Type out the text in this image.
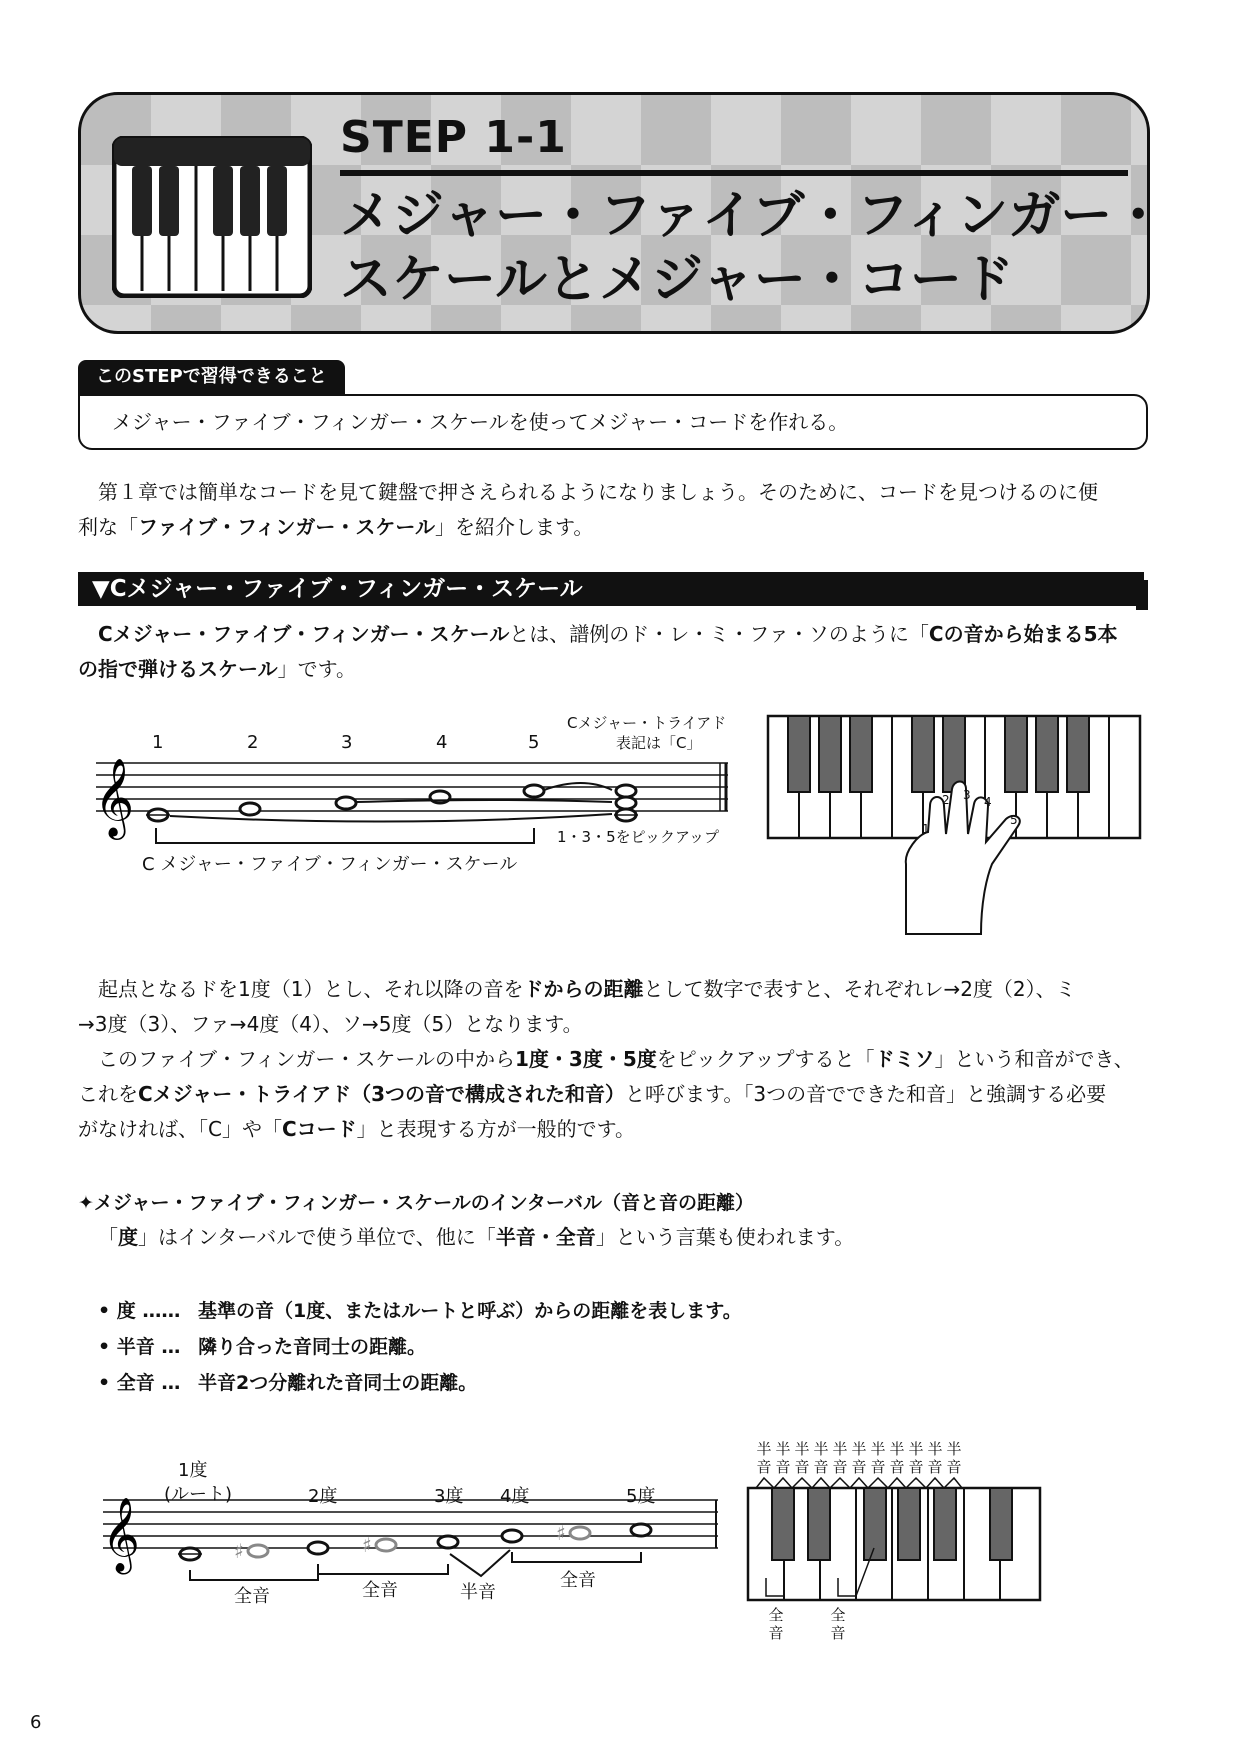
STEP 1-1
メジャー・ファイブ・フィンガー・
スケールとメジャー・コード
このSTEPで習得できること
メジャー・ファイブ・フィンガー・スケールを使ってメジャー・コードを作れる。
第１章では簡単なコードを見て鍵盤で押さえられるようになりましょう。そのために、コードを見つけるのに便
利な「ファイブ・フィンガー・スケール」を紹介します。
▼Cメジャー・ファイブ・フィンガー・スケール
Cメジャー・ファイブ・フィンガー・スケールとは、譜例のド・レ・ミ・ファ・ソのように「Cの音から始まる5本
の指で弾けるスケール」です。
𝄞
1	2	3	4	5
Cメジャー・トライアド
表記は「C」
1・3・5をピックアップ
C メジャー・ファイブ・フィンガー・スケール
1
2 3 4
5
起点となるドを1度（1）とし、それ以降の音をドからの距離として数字で表すと、それぞれレ→2度（2）、ミ
→3度（3）、ファ→4度（4）、ソ→5度（5）となります。
このファイブ・フィンガー・スケールの中から1度・3度・5度をピックアップすると「ドミソ」という和音ができ、
これをCメジャー・トライアド（3つの音で構成された和音）と呼びます。「3つの音でできた和音」と強調する必要
がなければ、「C」や「Cコード」と表現する方が一般的です。
✦メジャー・ファイブ・フィンガー・スケールのインターバル（音と音の距離）
「度」はインターバルで使う単位で、他に「半音・全音」という言葉も使われます。
• 度 …… 基準の音（1度、またはルートと呼ぶ）からの距離を表します。
• 半音 … 隣り合った音同士の距離。
• 全音 … 半音2つ分離れた音同士の距離。
𝄞	♯	♯	♯
1度
(ルート)	2度	3度 4度	5度
全音	全音	半音
全音
半
音
半
音
半
音
半
音
半
音
半
音
半
音
半
音
半
音
半
音
半
音
全
音
全
音
6
